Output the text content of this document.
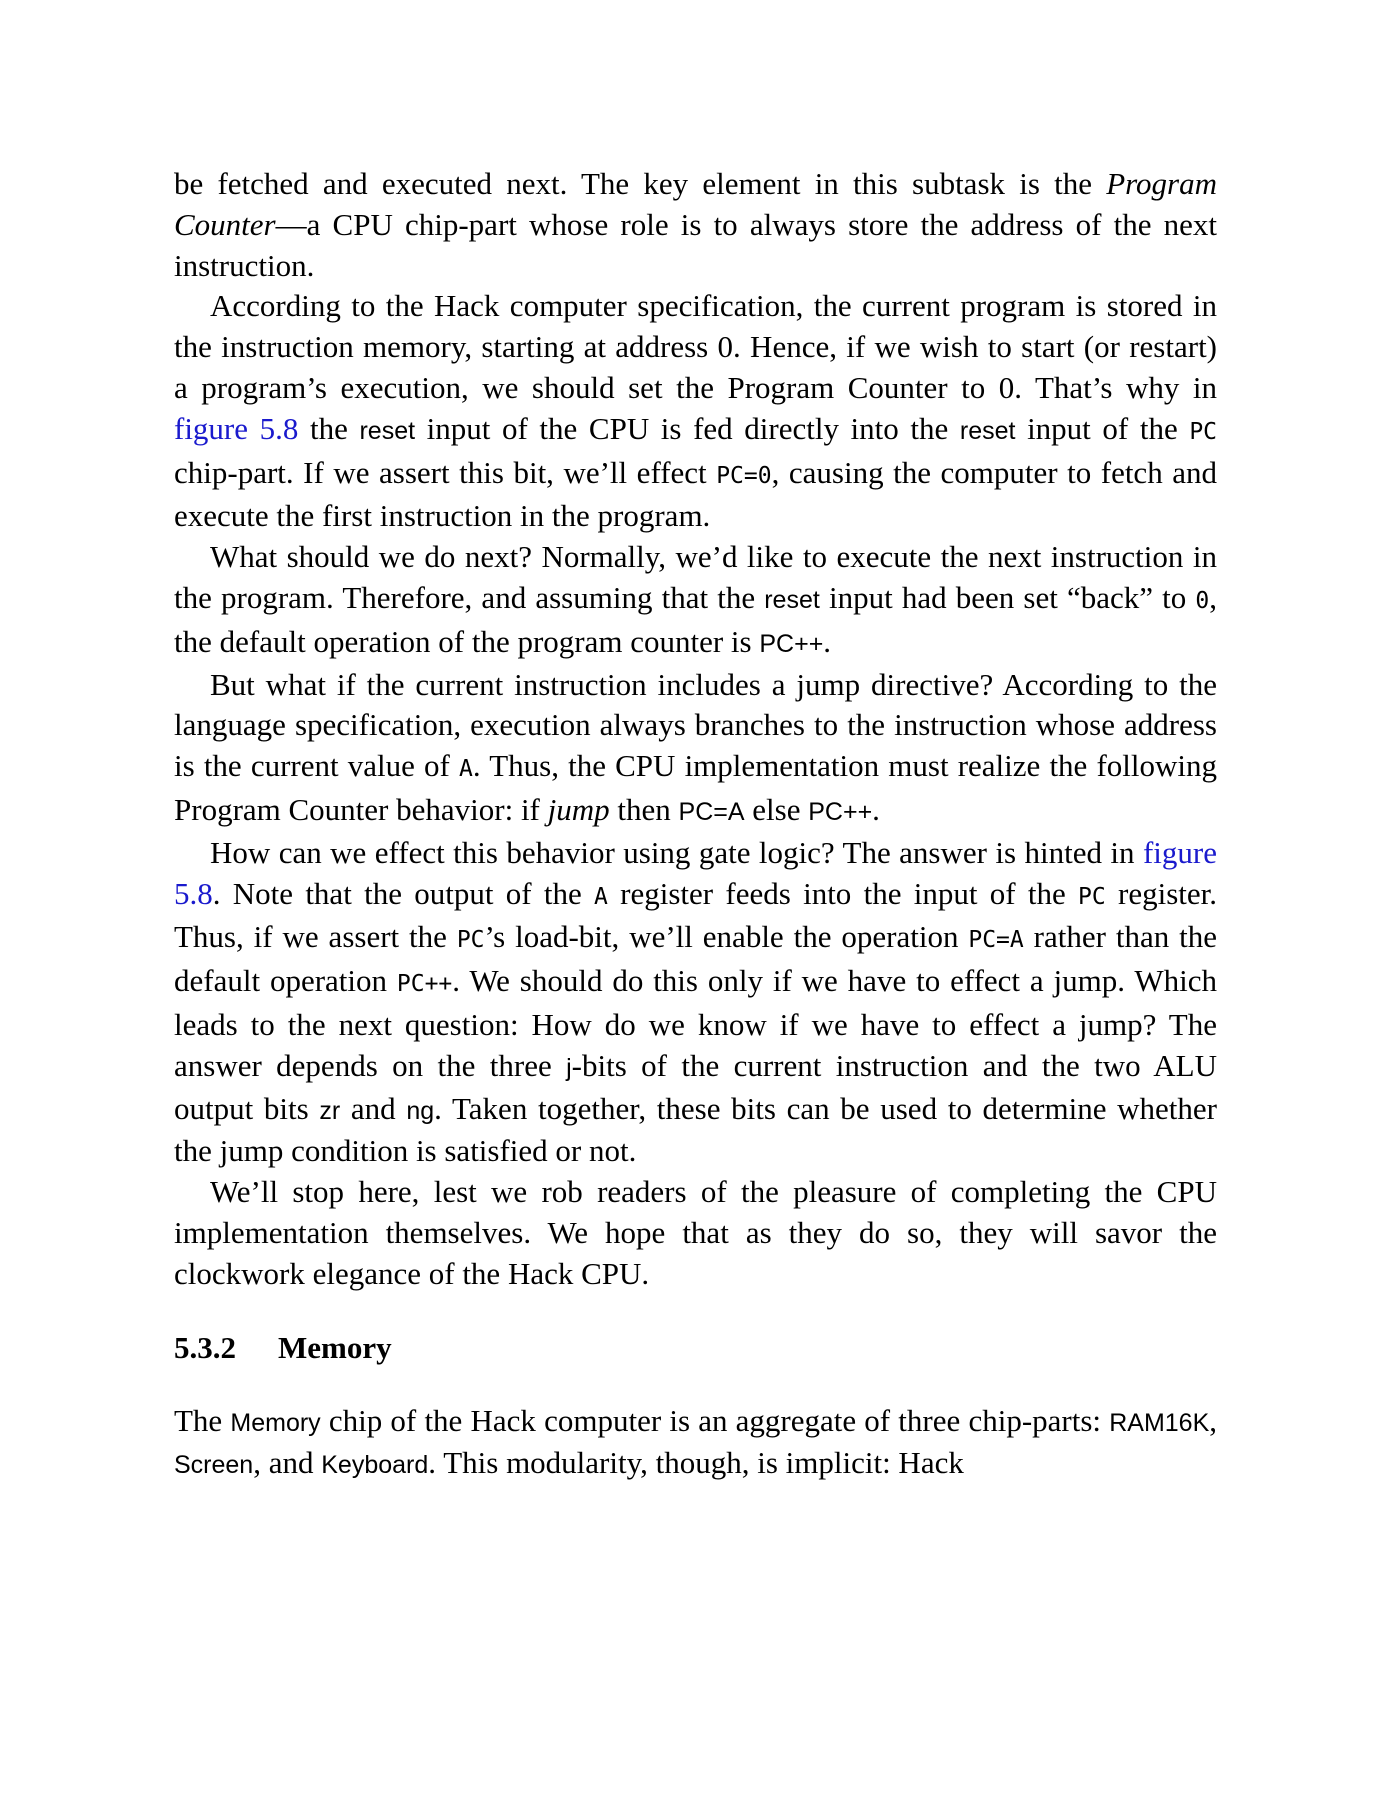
be fetched and executed next. The key element in this subtask is the Program Counter—a CPU chip-part whose role is to always store the address of the next instruction.

According to the Hack computer specification, the current program is stored in the instruction memory, starting at address 0. Hence, if we wish to start (or restart) a program’s execution, we should set the Program Counter to 0. That’s why in figure 5.8 the reset input of the CPU is fed directly into the reset input of the PC chip-part. If we assert this bit, we’ll effect PC=0, causing the computer to fetch and execute the first instruction in the program.

What should we do next? Normally, we’d like to execute the next instruction in the program. Therefore, and assuming that the reset input had been set “back” to 0, the default operation of the program counter is PC++.

But what if the current instruction includes a jump directive? According to the language specification, execution always branches to the instruction whose address is the current value of A. Thus, the CPU implementation must realize the following Program Counter behavior: if jump then PC=A else PC++.

How can we effect this behavior using gate logic? The answer is hinted in figure 5.8. Note that the output of the A register feeds into the input of the PC register. Thus, if we assert the PC’s load-bit, we’ll enable the operation PC=A rather than the default operation PC++. We should do this only if we have to effect a jump. Which leads to the next question: How do we know if we have to effect a jump? The answer depends on the three j-bits of the current instruction and the two ALU output bits zr and ng. Taken together, these bits can be used to determine whether the jump condition is satisfied or not.

We’ll stop here, lest we rob readers of the pleasure of completing the CPU implementation themselves. We hope that as they do so, they will savor the clockwork elegance of the Hack CPU.

5.3.2 Memory

The Memory chip of the Hack computer is an aggregate of three chip-parts: RAM16K, Screen, and Keyboard. This modularity, though, is implicit: Hack
